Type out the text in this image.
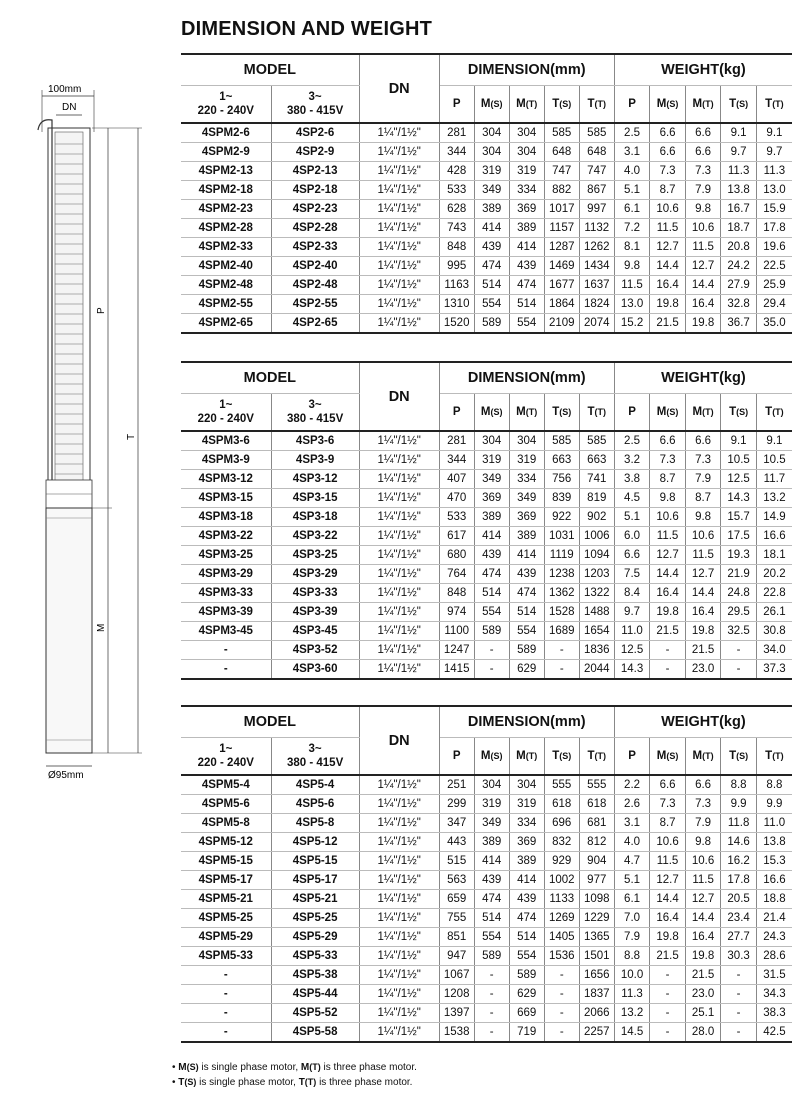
DIMENSION AND WEIGHT
100mm
DN
P
T
M
Ø95mm
MODEL		DN	DIMENSION(mm)					WEIGHT(kg)				
1~
220 - 240V	3~
380 - 415V		P	M(S)	M(T)	T(S)	T(T)	P	M(S)	M(T)	T(S)	T(T)
4SPM2-6	4SP2-6	1¼"/1½"	281	304	304	585	585	2.5	6.6	6.6	9.1	9.1
4SPM2-9	4SP2-9	1¼"/1½"	344	304	304	648	648	3.1	6.6	6.6	9.7	9.7
4SPM2-13	4SP2-13	1¼"/1½"	428	319	319	747	747	4.0	7.3	7.3	11.3	11.3
4SPM2-18	4SP2-18	1¼"/1½"	533	349	334	882	867	5.1	8.7	7.9	13.8	13.0
4SPM2-23	4SP2-23	1¼"/1½"	628	389	369	1017	997	6.1	10.6	9.8	16.7	15.9
4SPM2-28	4SP2-28	1¼"/1½"	743	414	389	1157	1132	7.2	11.5	10.6	18.7	17.8
4SPM2-33	4SP2-33	1¼"/1½"	848	439	414	1287	1262	8.1	12.7	11.5	20.8	19.6
4SPM2-40	4SP2-40	1¼"/1½"	995	474	439	1469	1434	9.8	14.4	12.7	24.2	22.5
4SPM2-48	4SP2-48	1¼"/1½"	1163	514	474	1677	1637	11.5	16.4	14.4	27.9	25.9
4SPM2-55	4SP2-55	1¼"/1½"	1310	554	514	1864	1824	13.0	19.8	16.4	32.8	29.4
4SPM2-65	4SP2-65	1¼"/1½"	1520	589	554	2109	2074	15.2	21.5	19.8	36.7	35.0
MODEL		DN	DIMENSION(mm)					WEIGHT(kg)				
1~
220 - 240V	3~
380 - 415V		P	M(S)	M(T)	T(S)	T(T)	P	M(S)	M(T)	T(S)	T(T)
4SPM3-6	4SP3-6	1¼"/1½"	281	304	304	585	585	2.5	6.6	6.6	9.1	9.1
4SPM3-9	4SP3-9	1¼"/1½"	344	319	319	663	663	3.2	7.3	7.3	10.5	10.5
4SPM3-12	4SP3-12	1¼"/1½"	407	349	334	756	741	3.8	8.7	7.9	12.5	11.7
4SPM3-15	4SP3-15	1¼"/1½"	470	369	349	839	819	4.5	9.8	8.7	14.3	13.2
4SPM3-18	4SP3-18	1¼"/1½"	533	389	369	922	902	5.1	10.6	9.8	15.7	14.9
4SPM3-22	4SP3-22	1¼"/1½"	617	414	389	1031	1006	6.0	11.5	10.6	17.5	16.6
4SPM3-25	4SP3-25	1¼"/1½"	680	439	414	1119	1094	6.6	12.7	11.5	19.3	18.1
4SPM3-29	4SP3-29	1¼"/1½"	764	474	439	1238	1203	7.5	14.4	12.7	21.9	20.2
4SPM3-33	4SP3-33	1¼"/1½"	848	514	474	1362	1322	8.4	16.4	14.4	24.8	22.8
4SPM3-39	4SP3-39	1¼"/1½"	974	554	514	1528	1488	9.7	19.8	16.4	29.5	26.1
4SPM3-45	4SP3-45	1¼"/1½"	1100	589	554	1689	1654	11.0	21.5	19.8	32.5	30.8
-	4SP3-52	1¼"/1½"	1247	-	589	-	1836	12.5	-	21.5	-	34.0
-	4SP3-60	1¼"/1½"	1415	-	629	-	2044	14.3	-	23.0	-	37.3
MODEL		DN	DIMENSION(mm)					WEIGHT(kg)				
1~
220 - 240V	3~
380 - 415V		P	M(S)	M(T)	T(S)	T(T)	P	M(S)	M(T)	T(S)	T(T)
4SPM5-4	4SP5-4	1¼"/1½"	251	304	304	555	555	2.2	6.6	6.6	8.8	8.8
4SPM5-6	4SP5-6	1¼"/1½"	299	319	319	618	618	2.6	7.3	7.3	9.9	9.9
4SPM5-8	4SP5-8	1¼"/1½"	347	349	334	696	681	3.1	8.7	7.9	11.8	11.0
4SPM5-12	4SP5-12	1¼"/1½"	443	389	369	832	812	4.0	10.6	9.8	14.6	13.8
4SPM5-15	4SP5-15	1¼"/1½"	515	414	389	929	904	4.7	11.5	10.6	16.2	15.3
4SPM5-17	4SP5-17	1¼"/1½"	563	439	414	1002	977	5.1	12.7	11.5	17.8	16.6
4SPM5-21	4SP5-21	1¼"/1½"	659	474	439	1133	1098	6.1	14.4	12.7	20.5	18.8
4SPM5-25	4SP5-25	1¼"/1½"	755	514	474	1269	1229	7.0	16.4	14.4	23.4	21.4
4SPM5-29	4SP5-29	1¼"/1½"	851	554	514	1405	1365	7.9	19.8	16.4	27.7	24.3
4SPM5-33	4SP5-33	1¼"/1½"	947	589	554	1536	1501	8.8	21.5	19.8	30.3	28.6
-	4SP5-38	1¼"/1½"	1067	-	589	-	1656	10.0	-	21.5	-	31.5
-	4SP5-44	1¼"/1½"	1208	-	629	-	1837	11.3	-	23.0	-	34.3
-	4SP5-52	1¼"/1½"	1397	-	669	-	2066	13.2	-	25.1	-	38.3
-	4SP5-58	1¼"/1½"	1538	-	719	-	2257	14.5	-	28.0	-	42.5
• M(S) is single phase motor, M(T) is three phase motor.
• T(S) is single phase motor, T(T) is three phase motor.
